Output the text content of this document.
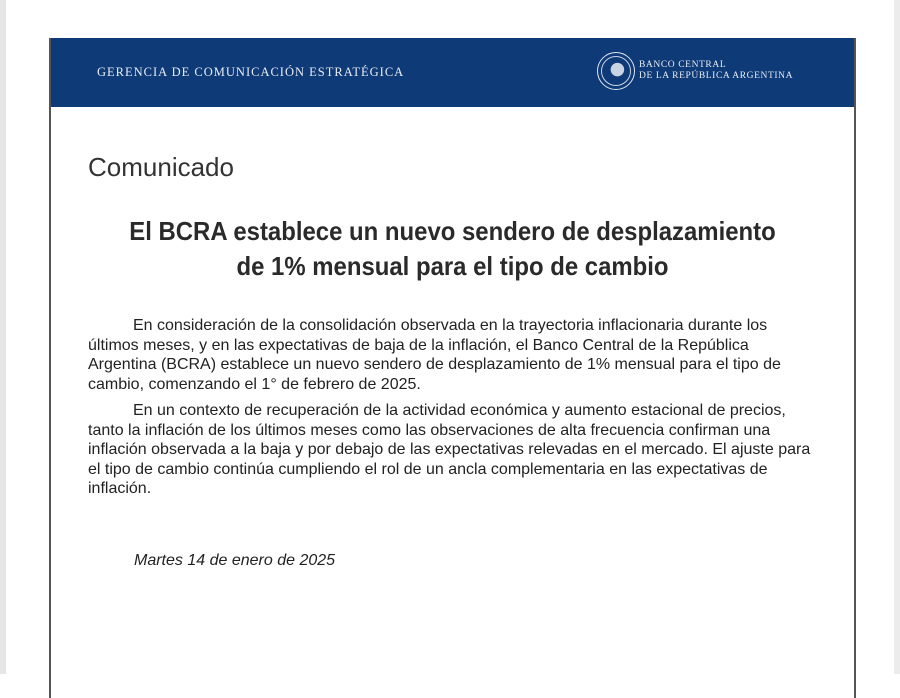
GERENCIA DE COMUNICACIÓN ESTRATÉGICA	BANCO CENTRAL
DE LA REPÚBLICA ARGENTINA
Comunicado
El BCRA establece un nuevo sendero de desplazamiento
de 1% mensual para el tipo de cambio

En consideración de la consolidación observada en la trayectoria inflacionaria durante los últimos meses, y en las expectativas de baja de la inflación, el Banco Central de la República Argentina (BCRA) establece un nuevo sendero de desplazamiento de 1% mensual para el tipo de cambio, comenzando el 1° de febrero de 2025.

En un contexto de recuperación de la actividad económica y aumento estacional de precios, tanto la inflación de los últimos meses como las observaciones de alta frecuencia confirman una inflación observada a la baja y por debajo de las expectativas relevadas en el mercado. El ajuste para el tipo de cambio continúa cumpliendo el rol de un ancla complementaria en las expectativas de inflación.

Martes 14 de enero de 2025
